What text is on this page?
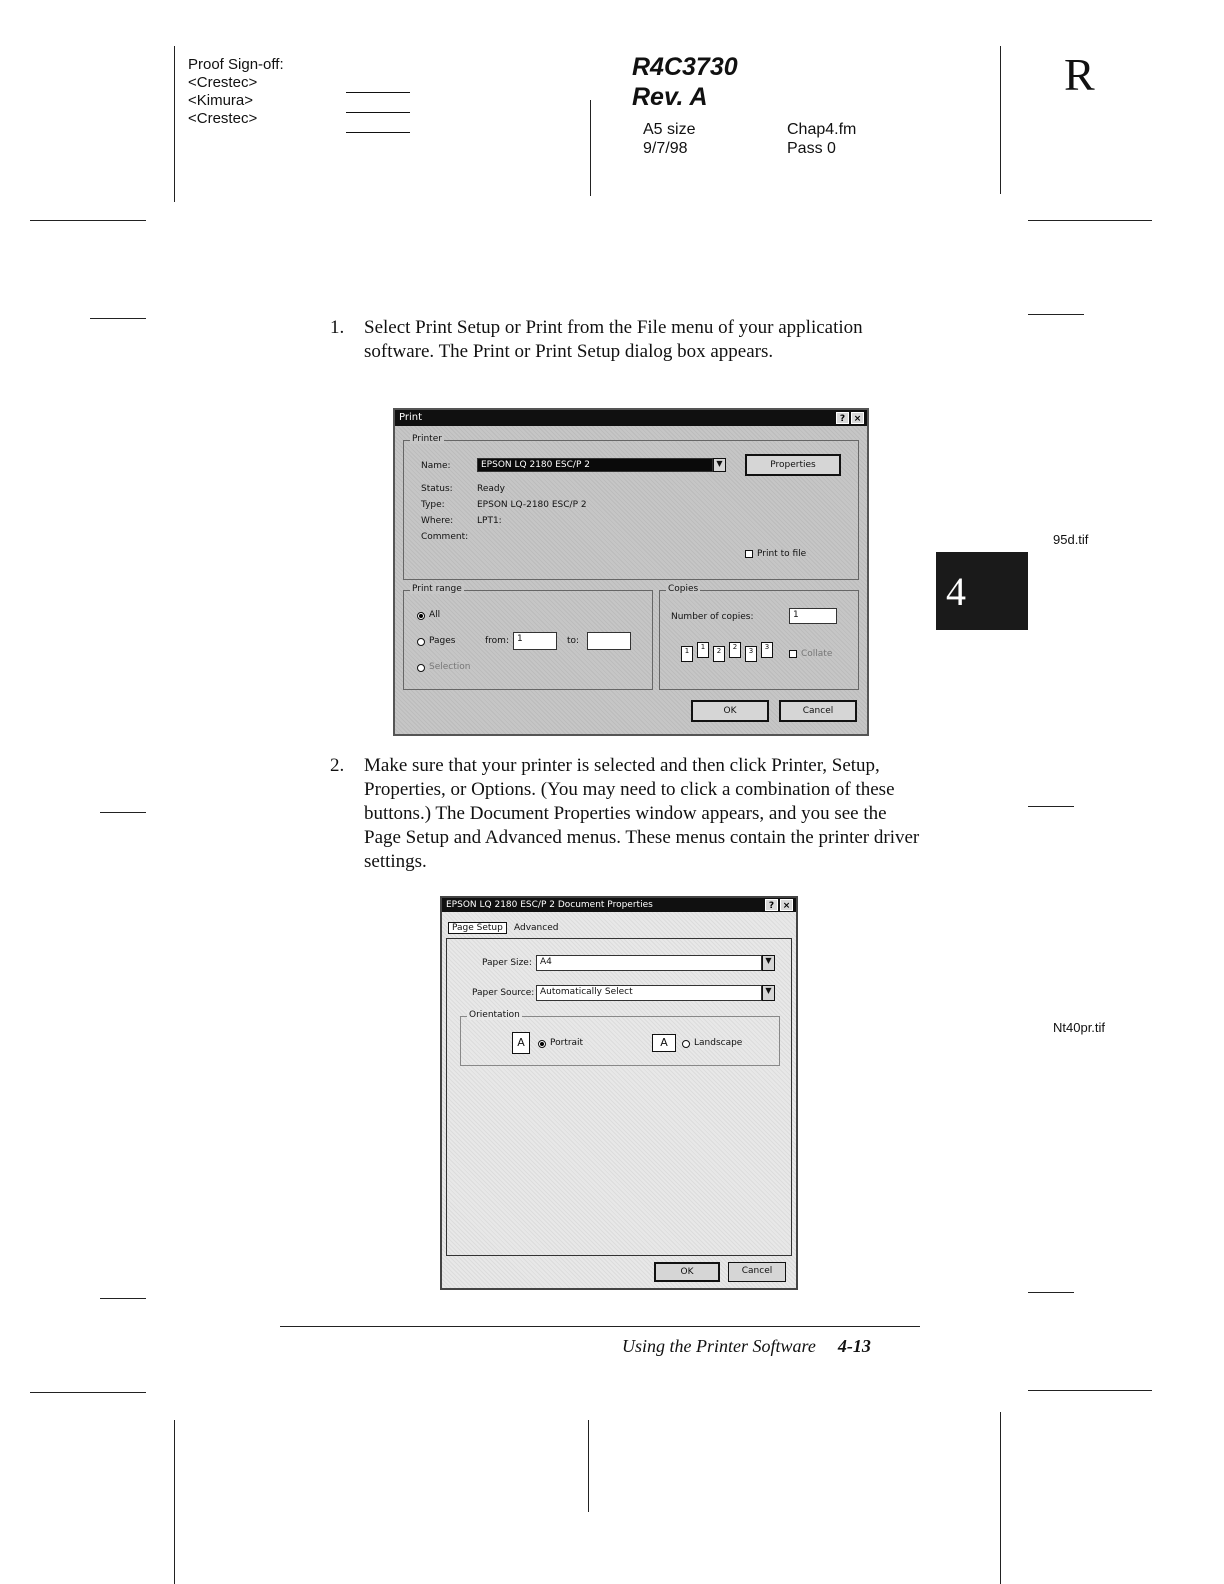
Proof Sign-off:
<Crestec>
<Kimura>
<Crestec>
R4C3730
Rev. A
A5 size
9/7/98
Chap4.fm
Pass 0
R
4
95d.tif
Nt40pr.tif
1. Select Print Setup or Print from the File menu of your application software. The Print or Print Setup dialog box appears.
Print	? ×
Printer
Name:	EPSON LQ 2180 ESC/P 2	▼	Properties
Status:	Ready
Type:	EPSON LQ-2180 ESC/P 2
Where:	LPT1:
Comment:
Print to file
Print range
All
Pages	from: 1	to:
Selection
Copies
Number of copies:	1
1	1	2	2	3	3
Collate
OK	Cancel
2. Make sure that your printer is selected and then click Printer, Setup, Properties, or Options. (You may need to click a combination of these buttons.) The Document Properties window appears, and you see the Page Setup and Advanced menus. These menus contain the printer driver settings.
EPSON LQ 2180 ESC/P 2 Document Properties	? ×
Page Setup	Advanced
Paper Size: A4	▼
Paper Source: Automatically Select	▼
Orientation
A	Portrait	A	Landscape
OK	Cancel
Using the Printer Software 4-13
